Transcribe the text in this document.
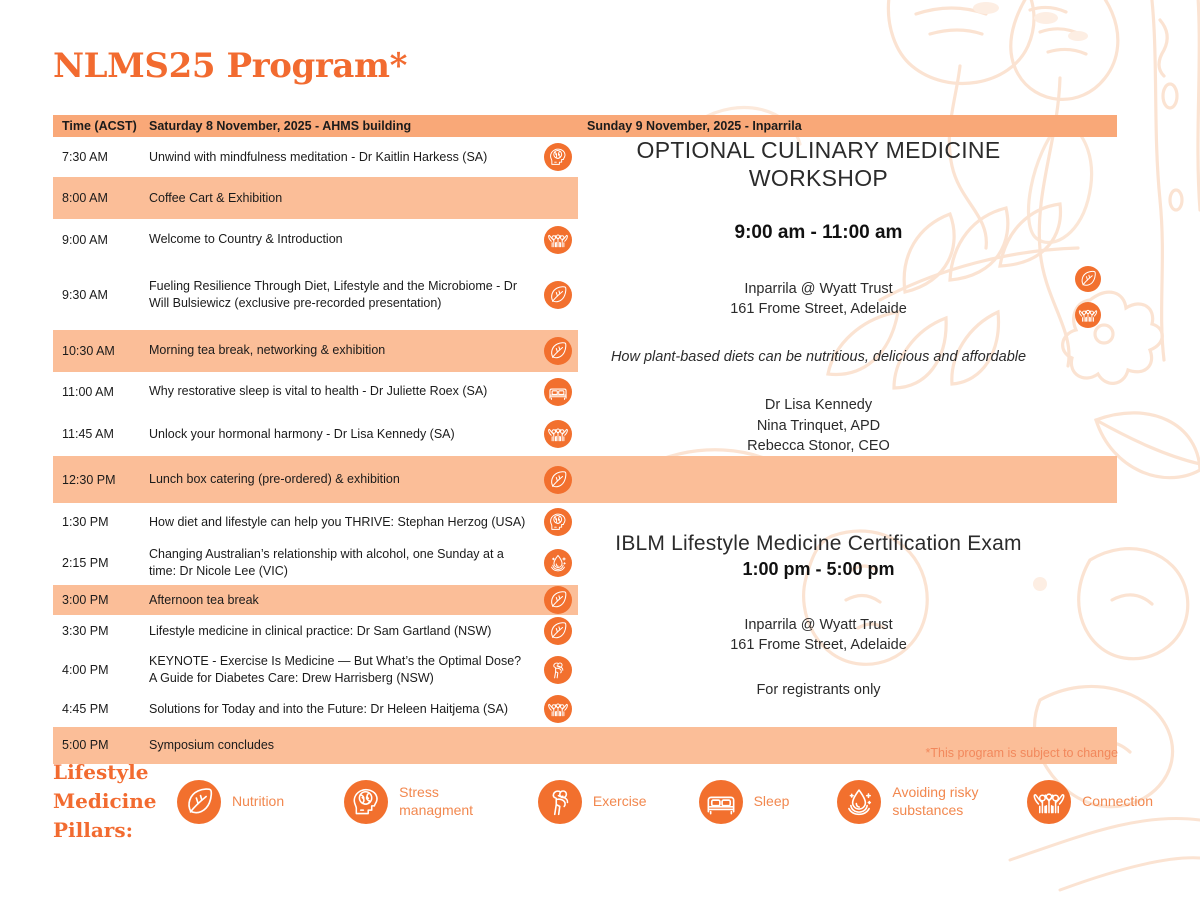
NLMS25 Program*
Time (ACST)	Saturday 8 November, 2025 - AHMS building		Sunday 9 November, 2025 - Inparrila	
7:30 AM	Unwind with mindfulness meditation - Dr Kaitlin Harkess (SA)		OPTIONAL CULINARY MEDICINE WORKSHOP
9:00 am - 11:00 am
Inparrila @ Wyatt Trust
161 Frome Street, Adelaide
How plant-based diets can be nutritious, delicious and affordable
Dr Lisa Kennedy
Nina Trinquet, APD
Rebecca Stonor, CEO

8:00 AM	Coffee Cart & Exhibition			
9:00 AM	Welcome to Country & Introduction	

9:30 AM	Fueling Resilience Through Diet, Lifestyle and the Microbiome - Dr Will Bulsiewicz (exclusive pre-recorded presentation)	

10:30 AM	Morning tea break, networking & exhibition	

11:00 AM	Why restorative sleep is vital to health - Dr Juliette Roex (SA)	

11:45 AM	Unlock your hormonal harmony - Dr Lisa Kennedy (SA)	

12:30 PM	Lunch box catering (pre-ordered) & exhibition	

1:30 PM	How diet and lifestyle can help you THRIVE: Stephan Herzog (USA)		IBLM Lifestyle Medicine Certification Exam
1:00 pm - 5:00 pm
Inparrila @ Wyatt Trust
161 Frome Street, Adelaide
For registrants only	

2:15 PM	Changing Australian’s relationship with alcohol, one Sunday at a time: Dr Nicole Lee (VIC)	

3:00 PM	Afternoon tea break	

3:30 PM	Lifestyle medicine in clinical practice: Dr Sam Gartland (NSW)	

4:00 PM	KEYNOTE - Exercise Is Medicine — But What’s the Optimal Dose? A Guide for Diabetes Care: Drew Harrisberg (NSW)	

4:45 PM	Solutions for Today and into the Future: Dr Heleen Haitjema (SA)	

5:00 PM	Symposium concludes			
*This program is subject to change
Lifestyle
Medicine
Pillars:
Nutrition
Stress managment
Exercise	Sleep
Avoiding risky substances
Connection
